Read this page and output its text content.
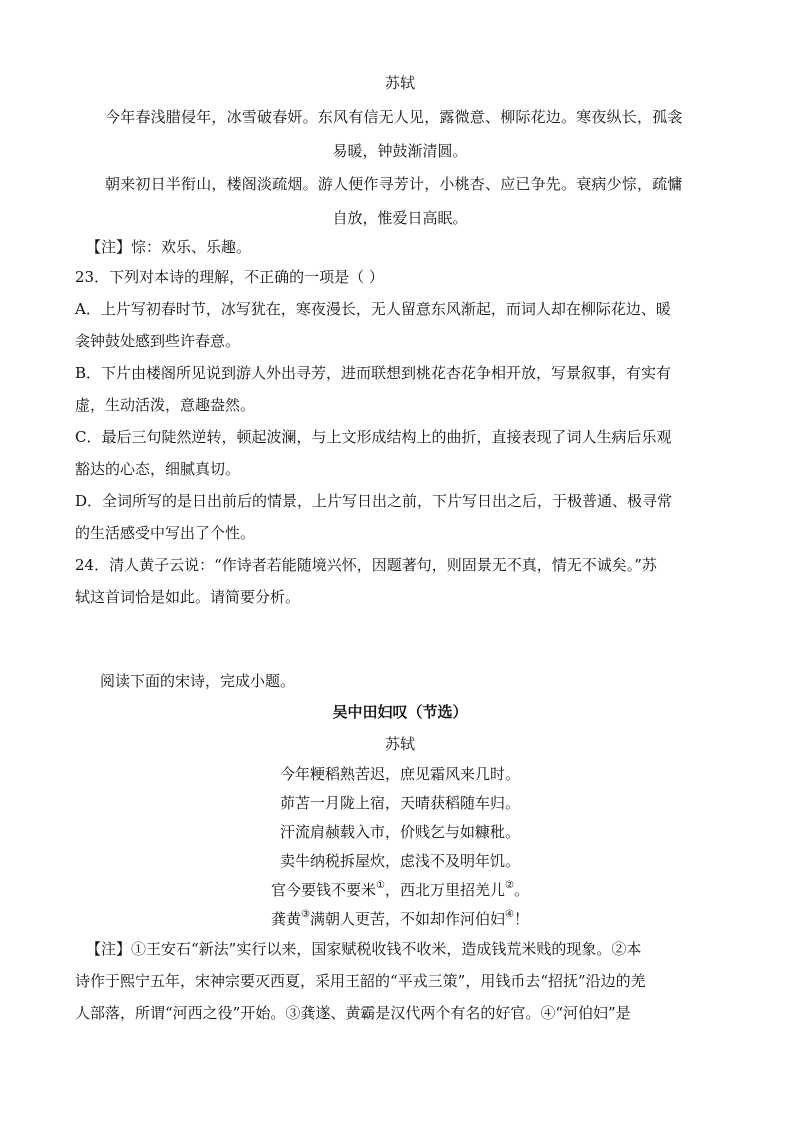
苏轼
今年春浅腊侵年，冰雪破春妍。东风有信无人见，露微意、柳际花边。寒夜纵长，孤衾
易暖，钟鼓渐清圆。
朝来初日半衔山，楼阁淡疏烟。游人便作寻芳计，小桃杏、应已争先。衰病少悰，疏慵
自放，惟爱日高眠。
【注】悰：欢乐、乐趣。
23．下列对本诗的理解，不正确的一项是（ ）
A．上片写初春时节，冰写犹在，寒夜漫长，无人留意东风渐起，而词人却在柳际花边、暖
衾钟鼓处感到些许春意。
B．下片由楼阁所见说到游人外出寻芳，进而联想到桃花杏花争相开放，写景叙事，有实有
虚，生动活泼，意趣盎然。
C．最后三句陡然逆转，顿起波澜，与上文形成结构上的曲折，直接表现了词人生病后乐观
豁达的心态，细腻真切。
D．全词所写的是日出前后的情景，上片写日出之前，下片写日出之后，于极普通、极寻常
的生活感受中写出了个性。
24．清人黄子云说：“作诗者若能随境兴怀，因题著句，则固景无不真，情无不诚矣。”苏
轼这首词恰是如此。请简要分析。
阅读下面的宋诗，完成小题。
吴中田妇叹（节选）
苏轼
今年粳稻熟苦迟，庶见霜风来几时。
茆苫一月陇上宿，天晴获稻随车归。
汗流肩赪载入市，价贱乞与如糠秕。
卖牛纳税拆屋炊，虑浅不及明年饥。
官今要钱不要米①，西北万里招羌儿②。
龚黄③满朝人更苦，不如却作河伯妇④！
【注】①王安石“新法”实行以来，国家赋税收钱不收米，造成钱荒米贱的现象。②本
诗作于熙宁五年，宋神宗要灭西夏，采用王韶的“平戎三策”，用钱币去“招抚”沿边的羌
人部落，所谓“河西之役”开始。③龚遂、黄霸是汉代两个有名的好官。④“河伯妇”是
